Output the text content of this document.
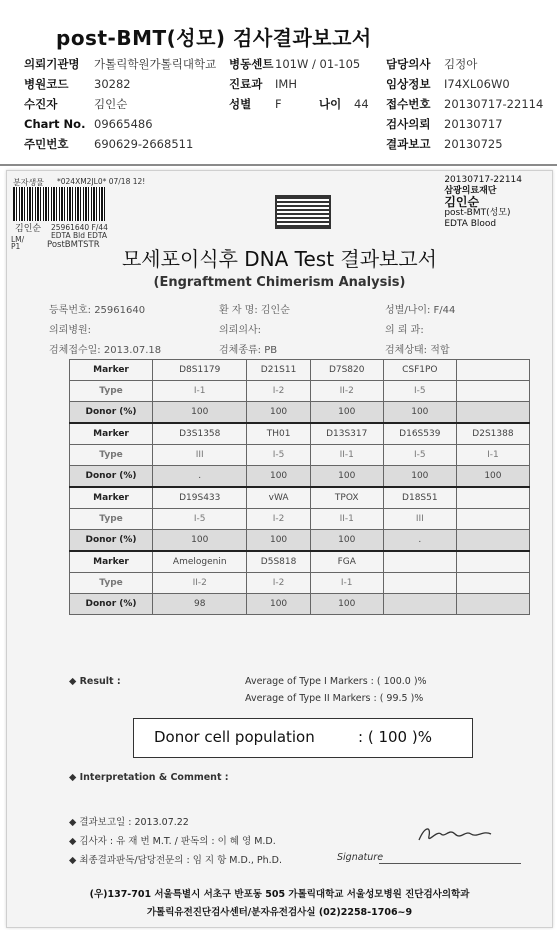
post-BMT(성모) 검사결과보고서
의뢰기관명 가톨릭학원가톨릭대학교 병동센트 101W / 01-105 담당의사 김정아
병원코드 30282	진료과 IMH	임상정보 I74XL06W0
수진자	김인순	성별 F	나이 44 접수번호 20130717-22114
Chart No. 09665486	검사의뢰 20130717
주민번호 690629-2668511	결과보고 20130725
분자생물 *024XM2JL0* 07/18 12!
25961640 F/44
김인순
EDTA Bld EDTA
LM/
P1	PostBMTSTR
20130717-22114
삼광의료재단
김인순
post-BMT(성모)
EDTA Blood
모세포이식후 DNA Test 결과보고서
(Engraftment Chimerism Analysis)
등록번호: 25961640	환 자 명: 김인순	성별/나이: F/44
의뢰병원:	의뢰의사:	의 뢰 과:
검체접수일: 2013.07.18	검체종류: PB	검체상태: 적합
Marker	D8S1179	D21S11	D7S820	CSF1PO	
Type	I-1	I-2	II-2	I-5	
Donor (%)	100	100	100	100	
Marker	D3S1358	TH01	D13S317	D16S539	D2S1388
Type	III	I-5	II-1	I-5	I-1
Donor (%)	.	100	100	100	100
Marker	D19S433	vWA	TPOX	D18S51	
Type	I-5	I-2	II-1	III	
Donor (%)	100	100	100	.	
Marker	Amelogenin	D5S818	FGA		
Type	II-2	I-2	I-1		
Donor (%)	98	100	100		
◆ Result :	Average of Type I Markers : ( 100.0 )%
Average of Type II Markers : ( 99.5 )%
Donor cell population	: ( 100 )%
◆ Interpretation & Comment :
◆ 결과보고일 : 2013.07.22
◆ 김사자 : 유 재 번 M.T. / 판독의 : 이 혜 영 M.D.
◆ 최종결과판독/담당전문의 : 임 지 항 M.D., Ph.D.	Signature
(우)137-701 서울특별시 서초구 반포동 505 가톨릭대학교 서울성모병원 진단검사의학과
가톨릭유전진단검사센터/분자유전검사실 (02)2258-1706~9
